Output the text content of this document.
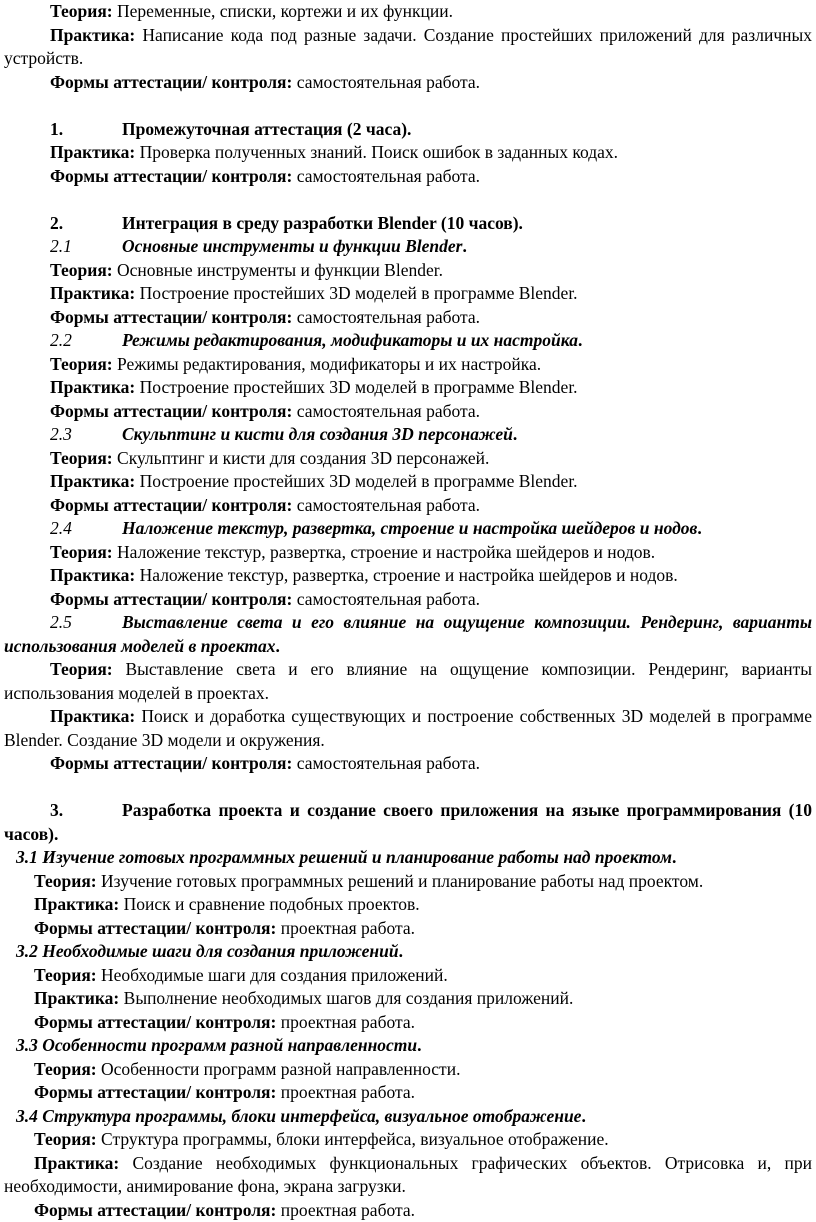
Теория: Переменные, списки, кортежи и их функции.

Практика: Написание кода под разные задачи. Создание простейших приложений для различных устройств.

Формы аттестации/ контроля: самостоятельная работа.

1.	Промежуточная аттестация (2 часа).

Практика: Проверка полученных знаний. Поиск ошибок в заданных кодах.

Формы аттестации/ контроля: самостоятельная работа.

2.	Интеграция в среду разработки Blender (10 часов).

2.1	Основные инструменты и функции Blender.

Теория: Основные инструменты и функции Blender.

Практика: Построение простейших 3D моделей в программе Blender.

Формы аттестации/ контроля: самостоятельная работа.

2.2	Режимы редактирования, модификаторы и их настройка.

Теория: Режимы редактирования, модификаторы и их настройка.

Практика: Построение простейших 3D моделей в программе Blender.

Формы аттестации/ контроля: самостоятельная работа.

2.3	Скульптинг и кисти для создания 3D персонажей.

Теория: Скульптинг и кисти для создания 3D персонажей.

Практика: Построение простейших 3D моделей в программе Blender.

Формы аттестации/ контроля: самостоятельная работа.

2.4	Наложение текстур, развертка, строение и настройка шейдеров и нодов.

Теория: Наложение текстур, развертка, строение и настройка шейдеров и нодов.

Практика: Наложение текстур, развертка, строение и настройка шейдеров и нодов.

Формы аттестации/ контроля: самостоятельная работа.

2.5	Выставление света и его влияние на ощущение композиции. Рендеринг, варианты использования моделей в проектах.

Теория: Выставление света и его влияние на ощущение композиции. Рендеринг, варианты использования моделей в проектах.

Практика: Поиск и доработка существующих и построение собственных 3D моделей в программе Blender. Создание 3D модели и окружения.

Формы аттестации/ контроля: самостоятельная работа.

3.	Разработка проекта и создание своего приложения на языке программирования (10 часов).

3.1 Изучение готовых программных решений и планирование работы над проектом.

Теория: Изучение готовых программных решений и планирование работы над проектом.

Практика: Поиск и сравнение подобных проектов.

Формы аттестации/ контроля: проектная работа.

3.2 Необходимые шаги для создания приложений.

Теория: Необходимые шаги для создания приложений.

Практика: Выполнение необходимых шагов для создания приложений.

Формы аттестации/ контроля: проектная работа.

3.3 Особенности программ разной направленности.

Теория: Особенности программ разной направленности.

Формы аттестации/ контроля: проектная работа.

3.4 Структура программы, блоки интерфейса, визуальное отображение.

Теория: Структура программы, блоки интерфейса, визуальное отображение.

Практика: Создание необходимых функциональных графических объектов. Отрисовка и, при необходимости, анимирование фона, экрана загрузки.

Формы аттестации/ контроля: проектная работа.
